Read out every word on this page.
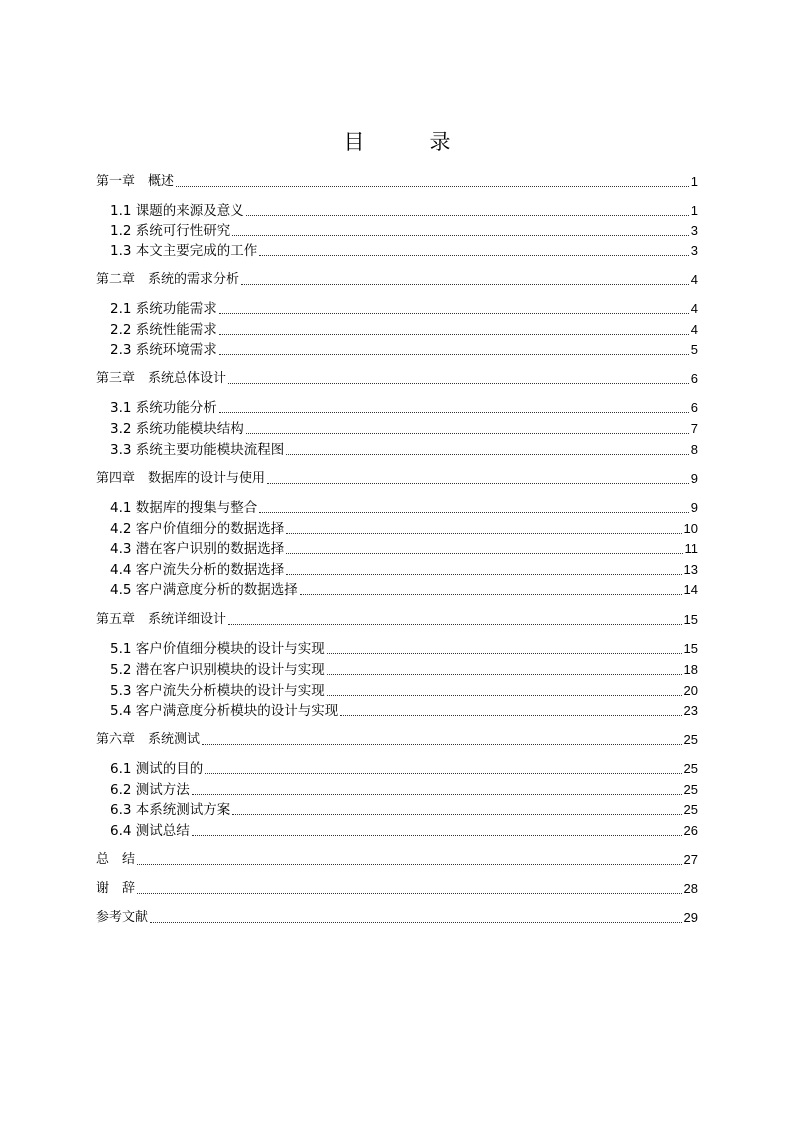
目　录
第一章　概述	1
1.1 课题的来源及意义	1
1.2 系统可行性研究	3
1.3 本文主要完成的工作	3
第二章　系统的需求分析	4
2.1 系统功能需求	4
2.2 系统性能需求	4
2.3 系统环境需求	5
第三章　系统总体设计	6
3.1 系统功能分析	6
3.2 系统功能模块结构	7
3.3 系统主要功能模块流程图	8
第四章　数据库的设计与使用	9
4.1 数据库的搜集与整合	9
4.2 客户价值细分的数据选择	10
4.3 潜在客户识别的数据选择	11
4.4 客户流失分析的数据选择	13
4.5 客户满意度分析的数据选择	14
第五章　系统详细设计	15
5.1 客户价值细分模块的设计与实现	15
5.2 潜在客户识别模块的设计与实现	18
5.3 客户流失分析模块的设计与实现	20
5.4 客户满意度分析模块的设计与实现	23
第六章　系统测试	25
6.1 测试的目的	25
6.2 测试方法	25
6.3 本系统测试方案	25
6.4 测试总结	26
总　结	27
谢　辞	28
参考文献	29
